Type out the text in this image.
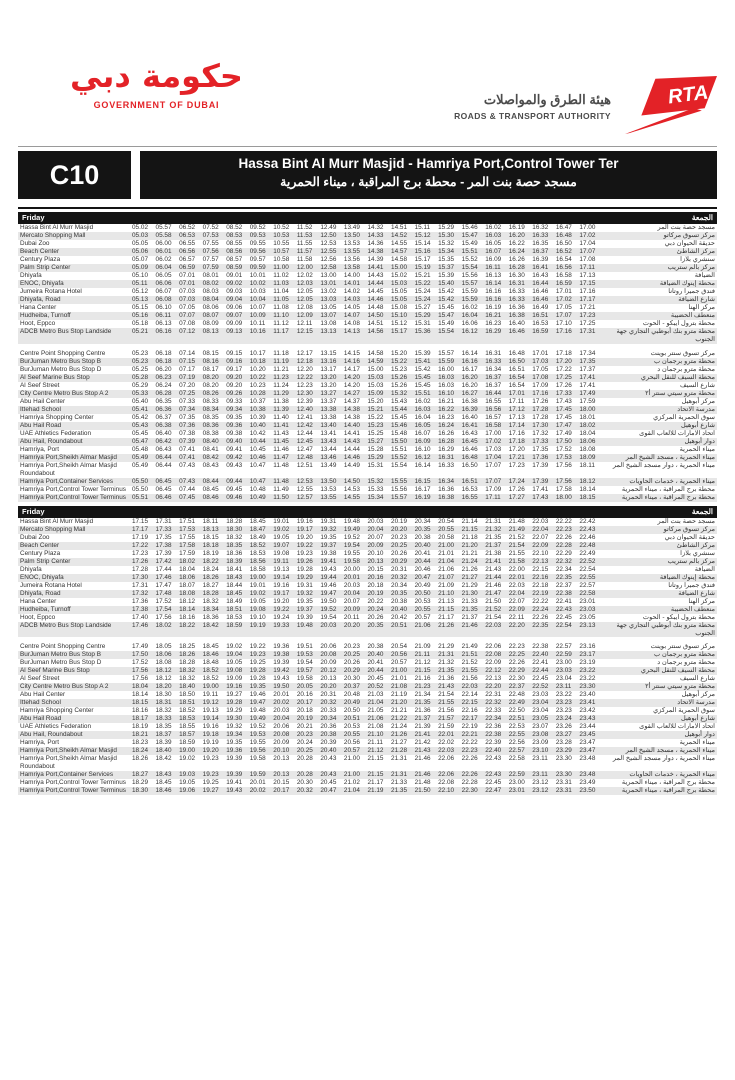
حكومة دبي
GOVERNMENT OF DUBAI	هيئة الطرق والمواصلات
ROADS & TRANSPORT AUTHORITY
RTA
C10	Hassa Bint Al Murr Masjid - Hamriya Port,Control Tower Ter
مسجد حصة بنت المر - محطة برج المراقبة ، ميناء الحمرية
Friday	الجمعة
Hassa Bint Al Murr Masjid	05.02	05.57	06.52	07.52	08.52	09.52	10.52	11.52	12.49	13.49	14.32	14.51	15.11	15.29	15.46	16.02	16.19	16.32	16.47	17.00	مسجد حصة بنت المر
Mercato Shopping Mall	05.03	05.58	06.53	07.53	08.53	09.53	10.53	11.53	12.50	13.50	14.33	14.52	15.12	15.30	15.47	16.03	16.20	16.33	16.48	17.02	مركز تسوق مركاتو
Dubai Zoo	05.05	06.00	06.55	07.55	08.55	09.55	10.55	11.55	12.53	13.53	14.36	14.55	15.14	15.32	15.49	16.05	16.22	16.35	16.50	17.04	حديقة الحيوان دبي
Beach Center	05.06	06.01	06.56	07.56	08.56	09.56	10.57	11.57	12.55	13.55	14.38	14.57	15.16	15.34	15.51	16.07	16.24	16.37	16.52	17.07	مركز الشاطئ
Century Plaza	05.07	06.02	06.57	07.57	08.57	09.57	10.58	11.58	12.56	13.56	14.39	14.58	15.17	15.35	15.52	16.09	16.26	16.39	16.54	17.08	سنشري بلازا
Palm Strip Center	05.09	06.04	06.59	07.59	08.59	09.59	11.00	12.00	12.58	13.58	14.41	15.00	15.19	15.37	15.54	16.11	16.28	16.41	16.56	17.11	مركز بالم ستريب
Dhiyafa	05.10	06.05	07.01	08.01	09.01	10.01	11.02	12.02	13.00	14.00	14.43	15.02	15.21	15.39	15.56	16.13	16.30	16.43	16.58	17.13	الضيافة
ENOC, Dhiyafa	05.11	06.06	07.01	08.02	09.02	10.02	11.03	12.03	13.01	14.01	14.44	15.03	15.22	15.40	15.57	16.14	16.31	16.44	16.59	17.15	محطة إينوك الضيافة
Jumeira Rotana Hotel	05.12	06.07	07.03	08.03	09.03	10.03	11.04	12.05	13.02	14.02	14.45	15.05	15.24	15.42	15.59	16.16	16.33	16.46	17.01	17.16	فندق جميرا روتانا
Dhiyafa, Road	05.13	06.08	07.03	08.04	09.04	10.04	11.05	12.05	13.03	14.03	14.46	15.05	15.24	15.42	15.59	16.16	16.33	16.46	17.02	17.17	شارع الضيافة
Hana Center	05.15	06.10	07.05	08.06	09.06	10.07	11.08	12.08	13.05	14.05	14.48	15.08	15.27	15.45	16.02	16.19	16.36	16.49	17.05	17.21	مركز الهنا
Hudheiba, Turnoff	05.16	06.11	07.07	08.07	09.07	10.09	11.10	12.09	13.07	14.07	14.50	15.10	15.29	15.47	16.04	16.21	16.38	16.51	17.07	17.23	منعطف الحضيبة
Hoot, Eppco	05.18	06.13	07.08	08.09	09.09	10.11	11.12	12.11	13.08	14.08	14.51	15.12	15.31	15.49	16.06	16.23	16.40	16.53	17.10	17.25	محطة بترول ايبكو - الحوت
ADCB Metro Bus Stop Landside	05.21	06.16	07.12	08.13	09.13	10.16	11.17	12.15	13.13	14.13	14.56	15.17	15.36	15.54	16.12	16.29	16.46	16.59	17.16	17.31	محطة مترو بنك أبوظبي التجاري جهة الجنوب
Centre Point Shopping Centre	05.23	06.18	07.14	08.15	09.15	10.17	11.18	12.17	13.15	14.15	14.58	15.20	15.39	15.57	16.14	16.31	16.48	17.01	17.18	17.34	مركز تسوق سنتر بوينت
BurJuman Metro Bus Stop B	05.23	06.18	07.15	08.16	09.16	10.18	11.19	12.18	13.16	14.16	14.59	15.22	15.41	15.59	16.16	16.33	16.50	17.03	17.20	17.35	محطة مترو برجمان ب
BurJuman Metro Bus Stop D	05.25	06.20	07.17	08.17	09.17	10.20	11.21	12.20	13.17	14.17	15.00	15.23	15.42	16.00	16.17	16.34	16.51	17.05	17.22	17.37	محطة مترو برجمان د
Al Seef Marine Bus Stop	05.28	06.23	07.19	08.20	09.20	10.22	11.23	12.22	13.20	14.20	15.03	15.26	15.45	16.03	16.20	16.37	16.54	17.08	17.25	17.41	محطة السيف للنقل البحري
Al Seef Street	05.29	06.24	07.20	08.20	09.20	10.23	11.24	12.23	13.20	14.20	15.03	15.26	15.45	16.03	16.20	16.37	16.54	17.09	17.26	17.41	شارع السيف
City Centre Metro Bus Stop A 2	05.33	06.28	07.25	08.26	09.26	10.28	11.29	12.30	13.27	14.27	15.09	15.32	15.51	16.10	16.27	16.44	17.01	17.16	17.33	17.49	محطة مترو سيتي سنتر أ٢
Abu Hail Center	05.40	06.35	07.33	08.33	09.33	10.37	11.38	12.39	13.37	14.37	15.20	15.43	16.02	16.21	16.38	16.55	17.11	17.26	17.43	17.59	مركز أبوهيل
Ittehad School	05.41	06.36	07.34	08.34	09.34	10.38	11.39	12.40	13.38	14.38	15.21	15.44	16.03	16.22	16.39	16.56	17.12	17.28	17.45	18.00	مدرسة الاتحاد
Hamriya Shopping Center	05.42	06.37	07.35	08.35	09.35	10.39	11.40	12.41	13.38	14.38	15.22	15.45	16.04	16.23	16.40	16.57	17.13	17.28	17.45	18.01	سوق الحمرية المركزي
Abu Hail Road	05.43	06.38	07.36	08.36	09.36	10.40	11.41	12.42	13.40	14.40	15.23	15.46	16.05	16.24	16.41	16.58	17.14	17.30	17.47	18.02	شارع أبوهيل
UAE Athletics Federation	05.45	06.40	07.38	08.38	09.38	10.42	11.43	12.44	13.41	14.41	15.25	15.48	16.07	16.26	16.43	17.00	17.16	17.32	17.49	18.04	اتحاد الامارات للالعاب القوى
Abu Hail, Roundabout	05.47	06.42	07.39	08.40	09.40	10.44	11.45	12.45	13.43	14.43	15.27	15.50	16.09	16.28	16.45	17.02	17.18	17.33	17.50	18.06	دوار أبوهيل
Hamriya, Port	05.48	06.43	07.41	08.41	09.41	10.45	11.46	12.47	13.44	14.44	15.28	15.51	16.10	16.29	16.46	17.03	17.20	17.35	17.52	18.08	ميناء الحمرية
Hamriya Port,Sheikh Almar Masjid	05.49	06.44	07.41	08.42	09.42	10.46	11.47	12.48	13.46	14.46	15.29	15.52	16.12	16.31	16.48	17.04	17.21	17.36	17.53	18.09	ميناء الحمرية ، مسجد الشيخ المر
Hamriya Port,Sheikh Almar Masjid Roundabout
05.49	06.44	07.43	08.43	09.43	10.47	11.48	12.51	13.49	14.49	15.31	15.54	16.14	16.33	16.50	17.07	17.23	17.39	17.56	18.11	ميناء الحمرية ، دوار مسجد الشيخ المر
Hamriya Port,Container Services	05.50	06.45	07.43	08.44	09.44	10.47	11.48	12.53	13.50	14.50	15.32	15.55	16.15	16.34	16.51	17.07	17.24	17.39	17.56	18.12	ميناء الحمرية ، خدمات الحاويات
Hamriya Port,Control Tower Terminus 05.50	06.45	07.44	08.45	09.45	10.48	11.49	12.55	13.53	14.53	15.33	15.56	16.17	16.36	16.53	17.09	17.26	17.41	17.58	18.14	محطة برج المراقبة ، ميناء الحمرية
Hamriya Port,Control Tower Terminus 05.51	06.46	07.45	08.46	09.46	10.49	11.50	12.57	13.55	14.55	15.34	15.57	16.19	16.38	16.55	17.11	17.27	17.43	18.00	18.15	محطة برج المراقبة ، ميناء الحمرية
Friday	الجمعة
Hassa Bint Al Murr Masjid	17.15	17.31	17.51	18.11	18.28	18.45	19.01	19.16	19.31	19.48	20.03	20.19	20.34	20.54	21.14	21.31	21.48	22.03	22.22	22.42	مسجد حصة بنت المر
Mercato Shopping Mall	17.17	17.33	17.53	18.13	18.30	18.47	19.02	19.17	19.32	19.49	20.04	20.20	20.35	20.55	21.15	21.32	21.49	22.04	22.23	22.43	مركز تسوق مركاتو
Dubai Zoo	17.19	17.35	17.55	18.15	18.32	18.49	19.05	19.20	19.35	19.52	20.07	20.23	20.38	20.58	21.18	21.35	21.52	22.07	22.26	22.46	حديقة الحيوان دبي
Beach Center	17.22	17.38	17.58	18.18	18.35	18.52	19.07	19.22	19.37	19.54	20.09	20.25	20.40	21.00	21.20	21.37	21.54	22.09	22.28	22.48	مركز الشاطئ
Century Plaza	17.23	17.39	17.59	18.19	18.36	18.53	19.08	19.23	19.38	19.55	20.10	20.26	20.41	21.01	21.21	21.38	21.55	22.10	22.29	22.49	سنشري بلازا
Palm Strip Center	17.26	17.42	18.02	18.22	18.39	18.56	19.11	19.26	19.41	19.58	20.13	20.29	20.44	21.04	21.24	21.41	21.58	22.13	22.32	22.52	مركز بالم ستريب
Dhiyafa	17.28	17.44	18.04	18.24	18.41	18.58	19.13	19.28	19.43	20.00	20.15	20.31	20.46	21.06	21.26	21.43	22.00	22.15	22.34	22.54	الضيافة
ENOC, Dhiyafa	17.30	17.46	18.06	18.26	18.43	19.00	19.14	19.29	19.44	20.01	20.16	20.32	20.47	21.07	21.27	21.44	22.01	22.16	22.35	22.55	محطة إينوك الضيافة
Jumeira Rotana Hotel	17.31	17.47	18.07	18.27	18.44	19.01	19.16	19.31	19.46	20.03	20.18	20.34	20.49	21.09	21.29	21.46	22.03	22.18	22.37	22.57	فندق جميرا روتانا
Dhiyafa, Road	17.32	17.48	18.08	18.28	18.45	19.02	19.17	19.32	19.47	20.04	20.19	20.35	20.50	21.10	21.30	21.47	22.04	22.19	22.38	22.58	شارع الضيافة
Hana Center	17.36	17.52	18.12	18.32	18.49	19.05	19.20	19.35	19.50	20.07	20.22	20.38	20.53	21.13	21.33	21.50	22.07	22.22	22.41	23.01	مركز الهنا
Hudheiba, Turnoff	17.38	17.54	18.14	18.34	18.51	19.08	19.22	19.37	19.52	20.09	20.24	20.40	20.55	21.15	21.35	21.52	22.09	22.24	22.43	23.03	منعطف الحضيبة
Hoot, Eppco	17.40	17.56	18.16	18.36	18.53	19.10	19.24	19.39	19.54	20.11	20.26	20.42	20.57	21.17	21.37	21.54	22.11	22.26	22.45	23.05	محطة بترول ايبكو - الحوت
ADCB Metro Bus Stop Landside	17.46	18.02	18.22	18.42	18.59	19.19	19.33	19.48	20.03	20.20	20.35	20.51	21.06	21.26	21.46	22.03	22.20	22.35	22.54	23.13	محطة مترو بنك أبوظبي التجاري جهة الجنوب
Centre Point Shopping Centre	17.49	18.05	18.25	18.45	19.02	19.22	19.36	19.51	20.06	20.23	20.38	20.54	21.09	21.29	21.49	22.06	22.23	22.38	22.57	23.16	مركز تسوق سنتر بوينت
BurJuman Metro Bus Stop B	17.50	18.06	18.26	18.46	19.04	19.23	19.38	19.53	20.08	20.25	20.40	20.56	21.11	21.31	21.51	22.08	22.25	22.40	22.59	23.17	محطة مترو برجمان ب
BurJuman Metro Bus Stop D	17.52	18.08	18.28	18.48	19.05	19.25	19.39	19.54	20.09	20.26	20.41	20.57	21.12	21.32	21.52	22.09	22.26	22.41	23.00	23.19	محطة مترو برجمان د
Al Seef Marine Bus Stop	17.56	18.12	18.32	18.52	19.08	19.28	19.42	19.57	20.12	20.29	20.44	21.00	21.15	21.35	21.55	22.12	22.29	22.44	23.03	23.22	محطة السيف للنقل البحري
Al Seef Street	17.56	18.12	18.32	18.52	19.09	19.28	19.43	19.58	20.13	20.30	20.45	21.01	21.16	21.36	21.56	22.13	22.30	22.45	23.04	23.22	شارع السيف
City Centre Metro Bus Stop A 2	18.04	18.20	18.40	19.00	19.16	19.35	19.50	20.05	20.20	20.37	20.52	21.08	21.23	21.43	22.03	22.20	22.37	22.52	23.11	23.30	محطة مترو سيتي سنتر أ٢
Abu Hail Center	18.14	18.30	18.50	19.11	19.27	19.46	20.01	20.16	20.31	20.48	21.03	21.19	21.34	21.54	22.14	22.31	22.48	23.03	23.22	23.40	مركز أبوهيل
Ittehad School	18.15	18.31	18.51	19.12	19.28	19.47	20.02	20.17	20.32	20.49	21.04	21.20	21.35	21.55	22.15	22.32	22.49	23.04	23.23	23.41	مدرسة الاتحاد
Hamriya Shopping Center	18.16	18.32	18.52	19.13	19.29	19.48	20.03	20.18	20.33	20.50	21.05	21.21	21.36	21.56	22.16	22.33	22.50	23.04	23.23	23.42	سوق الحمرية المركزي
Abu Hail Road	18.17	18.33	18.53	19.14	19.30	19.49	20.04	20.19	20.34	20.51	21.06	21.22	21.37	21.57	22.17	22.34	22.51	23.05	23.24	23.43	شارع أبوهيل
UAE Athletics Federation	18.19	18.35	18.55	19.16	19.32	19.52	20.06	20.21	20.36	20.53	21.08	21.24	21.39	21.59	22.19	22.36	22.53	23.07	23.26	23.44	اتحاد الامارات للالعاب القوى
Abu Hail, Roundabout	18.21	18.37	18.57	19.18	19.34	19.53	20.08	20.23	20.38	20.55	21.10	21.26	21.41	22.01	22.21	22.38	22.55	23.08	23.27	23.45	دوار أبوهيل
Hamriya, Port	18.23	18.39	18.59	19.19	19.35	19.55	20.09	20.24	20.39	20.56	21.11	21.27	21.42	22.02	22.22	22.39	22.56	23.09	23.28	23.47	ميناء الحمرية
Hamriya Port,Sheikh Almar Masjid	18.24	18.40	19.00	19.20	19.36	19.56	20.10	20.25	20.40	20.57	21.12	21.28	21.43	22.03	22.23	22.40	22.57	23.10	23.29	23.47	ميناء الحمرية ، مسجد الشيخ المر
Hamriya Port,Sheikh Almar Masjid Roundabout
18.26	18.42	19.02	19.23	19.39	19.58	20.13	20.28	20.43	21.00	21.15	21.31	21.46	22.06	22.26	22.43	22.58	23.11	23.30	23.48	ميناء الحمرية ، دوار مسجد الشيخ المر
Hamriya Port,Container Services	18.27	18.43	19.03	19.23	19.39	19.59	20.13	20.28	20.43	21.00	21.15	21.31	21.46	22.06	22.26	22.43	22.59	23.11	23.30	23.48	ميناء الحمرية ، خدمات الحاويات
Hamriya Port,Control Tower Terminus 18.29	18.45	19.05	19.25	19.41	20.01	20.15	20.30	20.45	21.02	21.17	21.33	21.48	22.08	22.28	22.45	23.00	23.12	23.31	23.49	محطة برج المراقبة ، ميناء الحمرية
Hamriya Port,Control Tower Terminus 18.30	18.46	19.06	19.27	19.43	20.02	20.17	20.32	20.47	21.04	21.19	21.35	21.50	22.10	22.30	22.47	23.01	23.12	23.31	23.50	محطة برج المراقبة ، ميناء الحمرية
